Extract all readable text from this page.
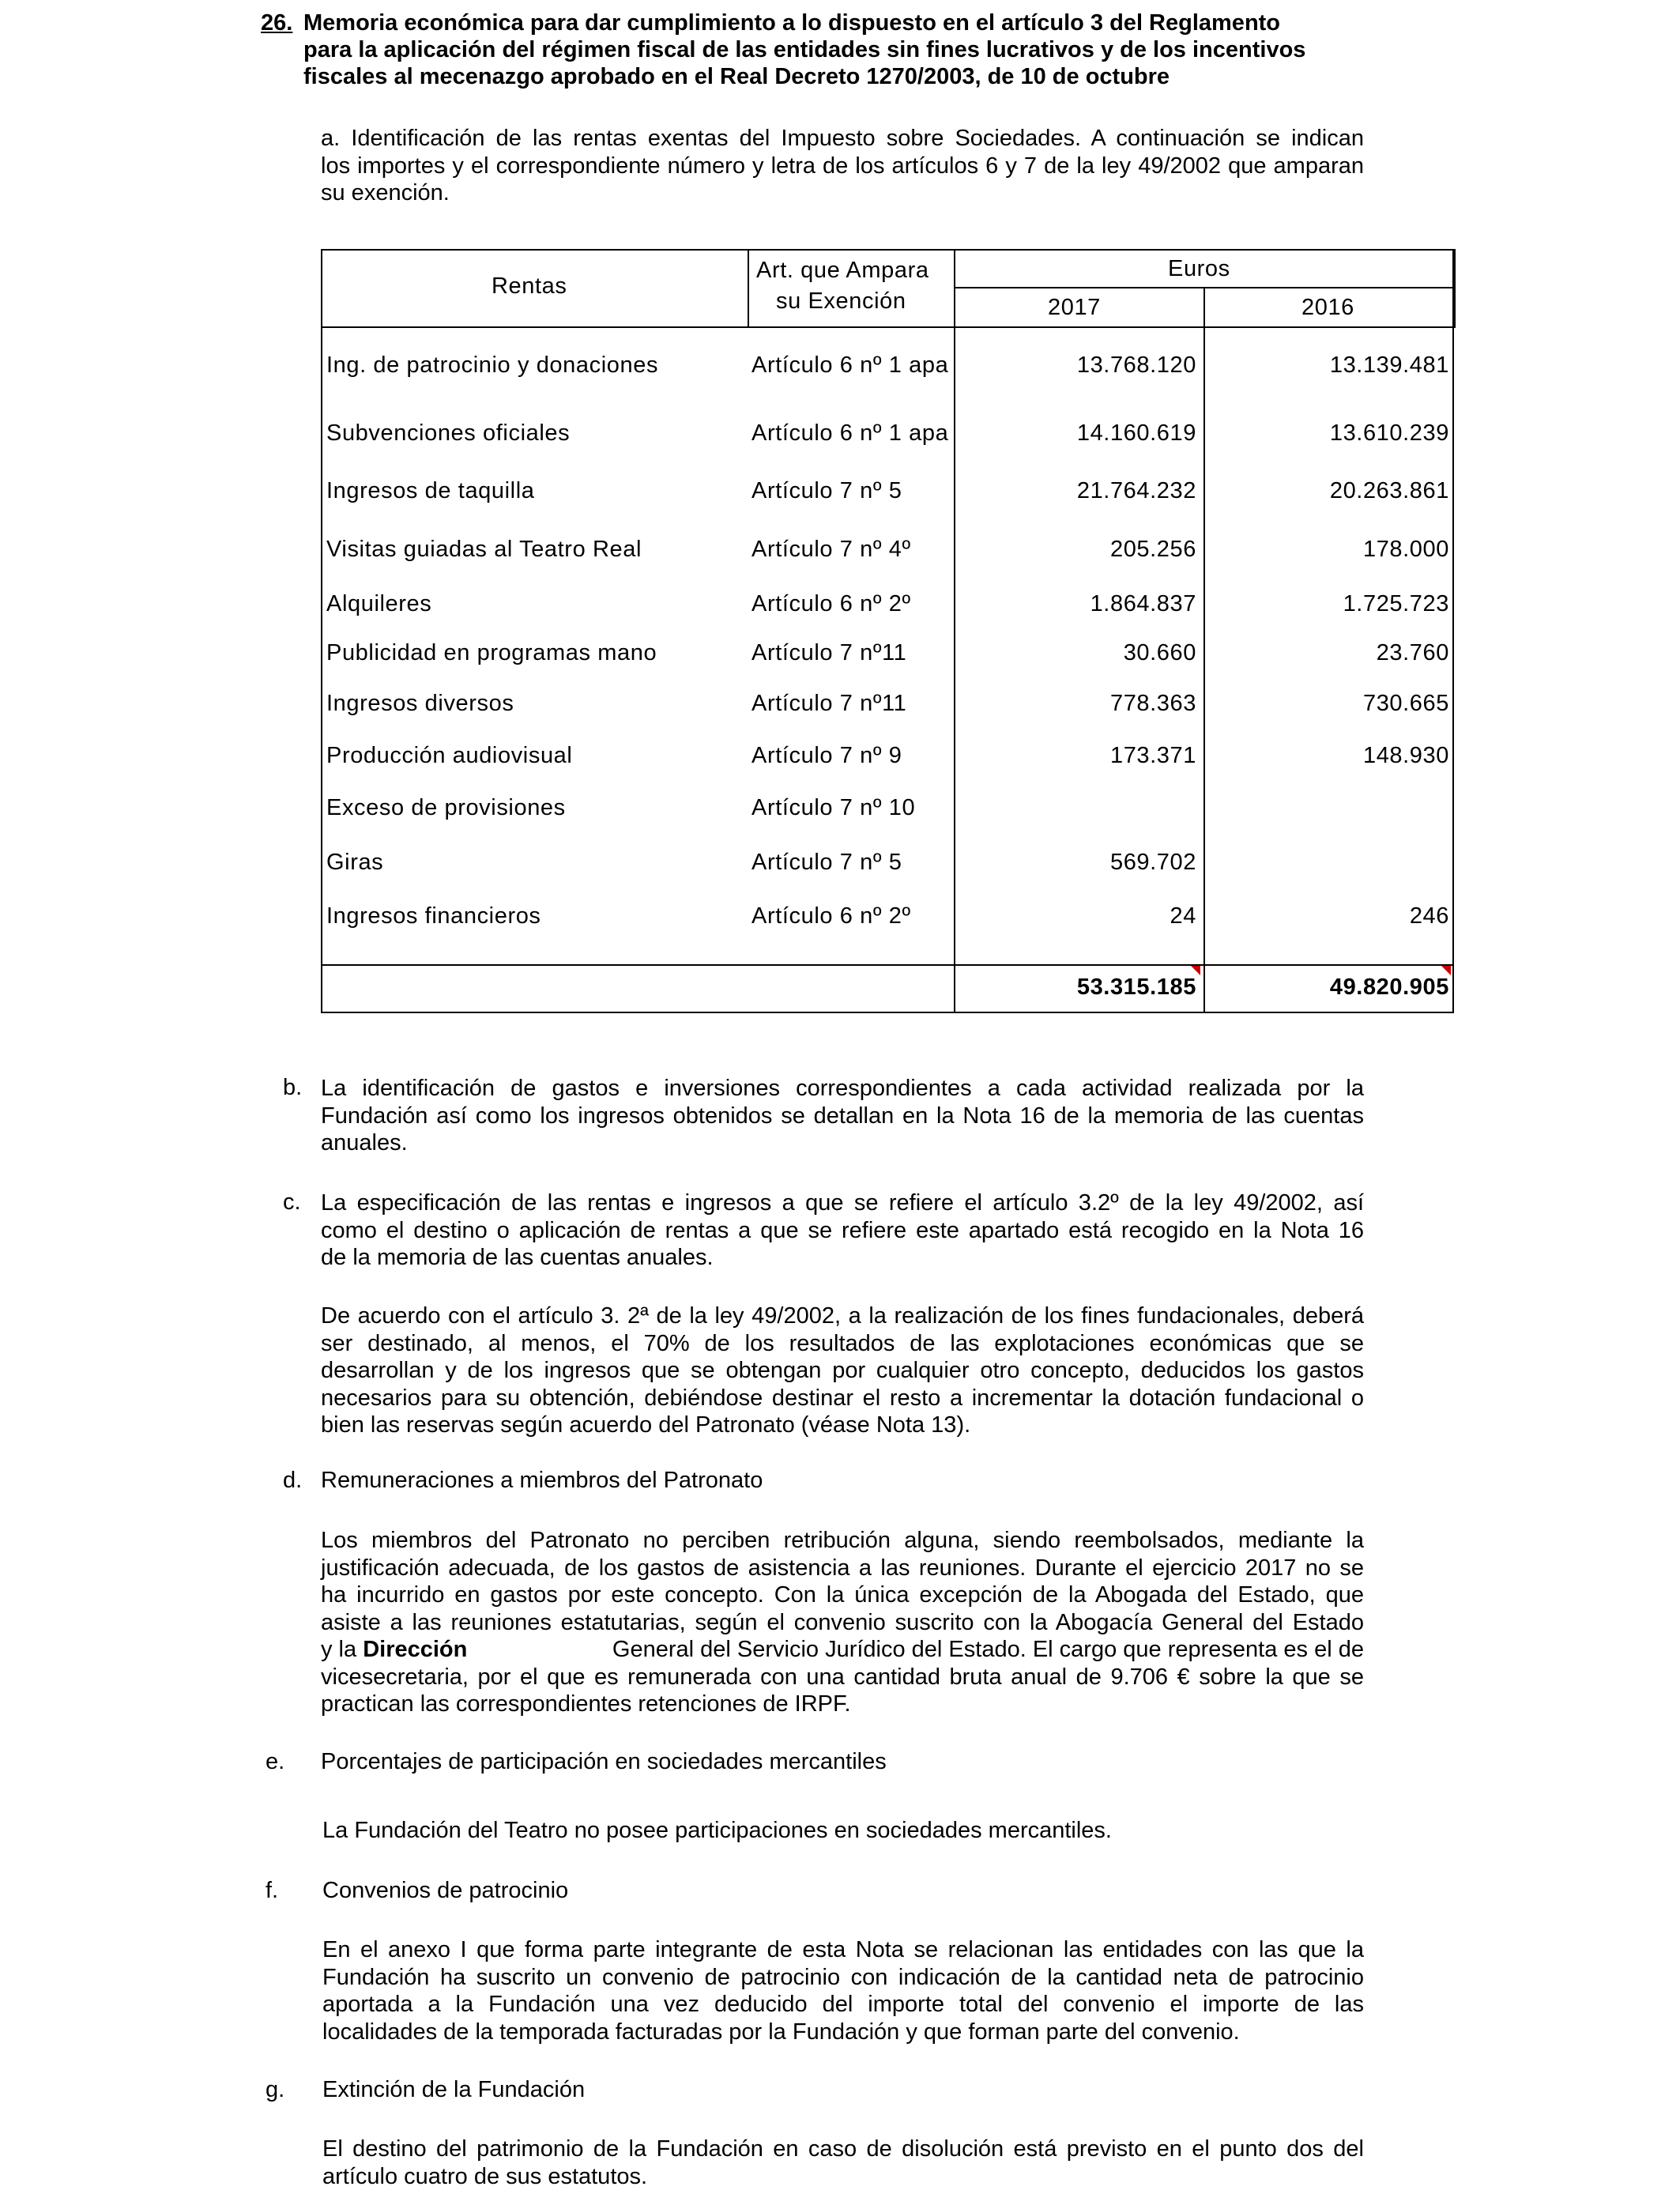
26. Memoria económica para dar cumplimiento a lo dispuesto en el artículo 3 del Reglamento
para la aplicación del régimen fiscal de las entidades sin fines lucrativos y de los incentivos
fiscales al mecenazgo aprobado en el Real Decreto 1270/2003, de 10 de octubre
a. Identificación de las rentas exentas del Impuesto sobre Sociedades. A continuación se indican
los importes y el correspondiente número y letra de los artículos 6 y 7 de la ley 49/2002 que amparan
su exención.
Rentas
Art. que Ampara
su Exención
Euros
2017	2016
Ing. de patrocinio y donaciones	Artículo 6 nº 1 apa	13.768.120	13.139.481
Subvenciones oficiales	Artículo 6 nº 1 apa	14.160.619	13.610.239
Ingresos de taquilla	Artículo 7 nº 5	21.764.232	20.263.861
Visitas guiadas al Teatro Real	Artículo 7 nº 4º	205.256	178.000
Alquileres	Artículo 6 nº 2º	1.864.837	1.725.723
Publicidad en programas mano	Artículo 7 nº11	30.660	23.760
Ingresos diversos	Artículo 7 nº11	778.363	730.665
Producción audiovisual	Artículo 7 nº 9	173.371	148.930
Exceso de provisiones	Artículo 7 nº 10
Giras	Artículo 7 nº 5	569.702
Ingresos financieros	Artículo 6 nº 2º	24	246
53.315.185	49.820.905
b. La identificación de gastos e inversiones correspondientes a cada actividad realizada por la
Fundación así como los ingresos obtenidos se detallan en la Nota 16 de la memoria de las cuentas
anuales.
c. La especificación de las rentas e ingresos a que se refiere el artículo 3.2º de la ley 49/2002, así
como el destino o aplicación de rentas a que se refiere este apartado está recogido en la Nota 16
de la memoria de las cuentas anuales.
De acuerdo con el artículo 3. 2ª de la ley 49/2002, a la realización de los fines fundacionales, deberá
ser destinado, al menos, el 70% de los resultados de las explotaciones económicas que se
desarrollan y de los ingresos que se obtengan por cualquier otro concepto, deducidos los gastos
necesarios para su obtención, debiéndose destinar el resto a incrementar la dotación fundacional o
bien las reservas según acuerdo del Patronato (véase Nota 13).
d. Remuneraciones a miembros del Patronato
Los miembros del Patronato no perciben retribución alguna, siendo reembolsados, mediante la
justificación adecuada, de los gastos de asistencia a las reuniones. Durante el ejercicio 2017 no se
ha incurrido en gastos por este concepto. Con la única excepción de la Abogada del Estado, que
asiste a las reuniones estatutarias, según el convenio suscrito con la Abogacía General del Estado
y la Dirección	General del Servicio Jurídico del Estado. El cargo que representa es el de
vicesecretaria, por el que es remunerada con una cantidad bruta anual de 9.706 € sobre la que se
practican las correspondientes retenciones de IRPF.
e. Porcentajes de participación en sociedades mercantiles
La Fundación del Teatro no posee participaciones en sociedades mercantiles.
f. Convenios de patrocinio
En el anexo I que forma parte integrante de esta Nota se relacionan las entidades con las que la
Fundación ha suscrito un convenio de patrocinio con indicación de la cantidad neta de patrocinio
aportada a la Fundación una vez deducido del importe total del convenio el importe de las
localidades de la temporada facturadas por la Fundación y que forman parte del convenio.
g. Extinción de la Fundación
El destino del patrimonio de la Fundación en caso de disolución está previsto en el punto dos del
artículo cuatro de sus estatutos.
